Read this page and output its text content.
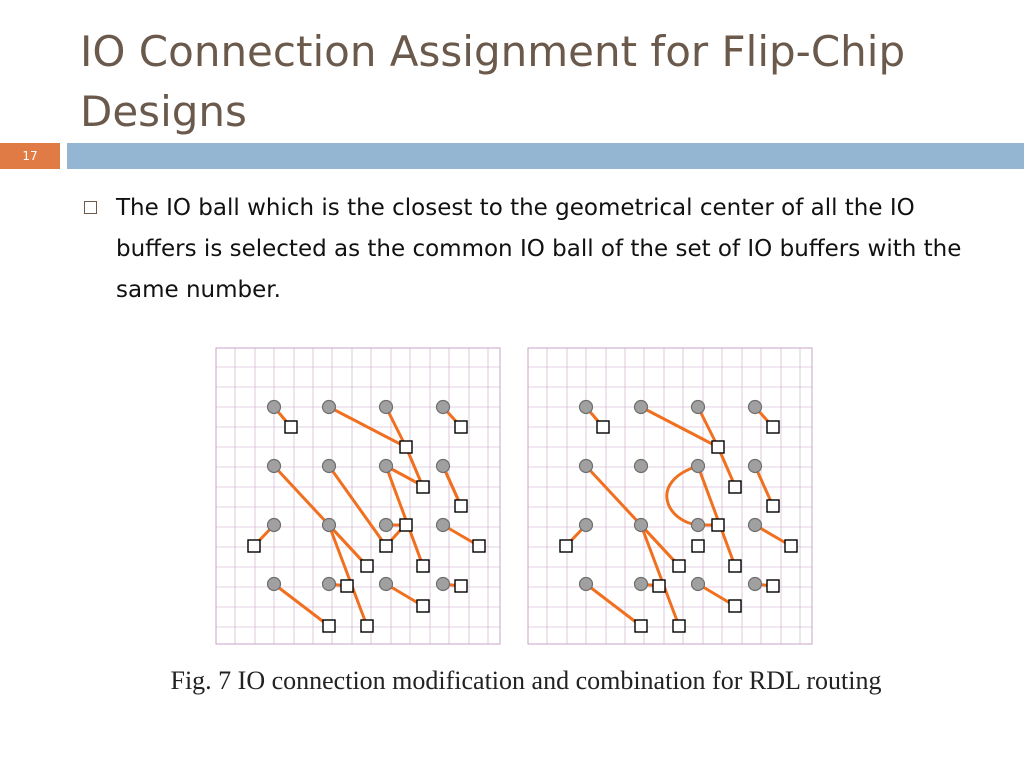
IO Connection Assignment for Flip-Chip Designs
17
The IO ball which is the closest to the geometrical center of all the IO buffers is selected as the common IO ball of the set of IO buffers with the same number.
Fig. 7 IO connection modification and combination for RDL routing
